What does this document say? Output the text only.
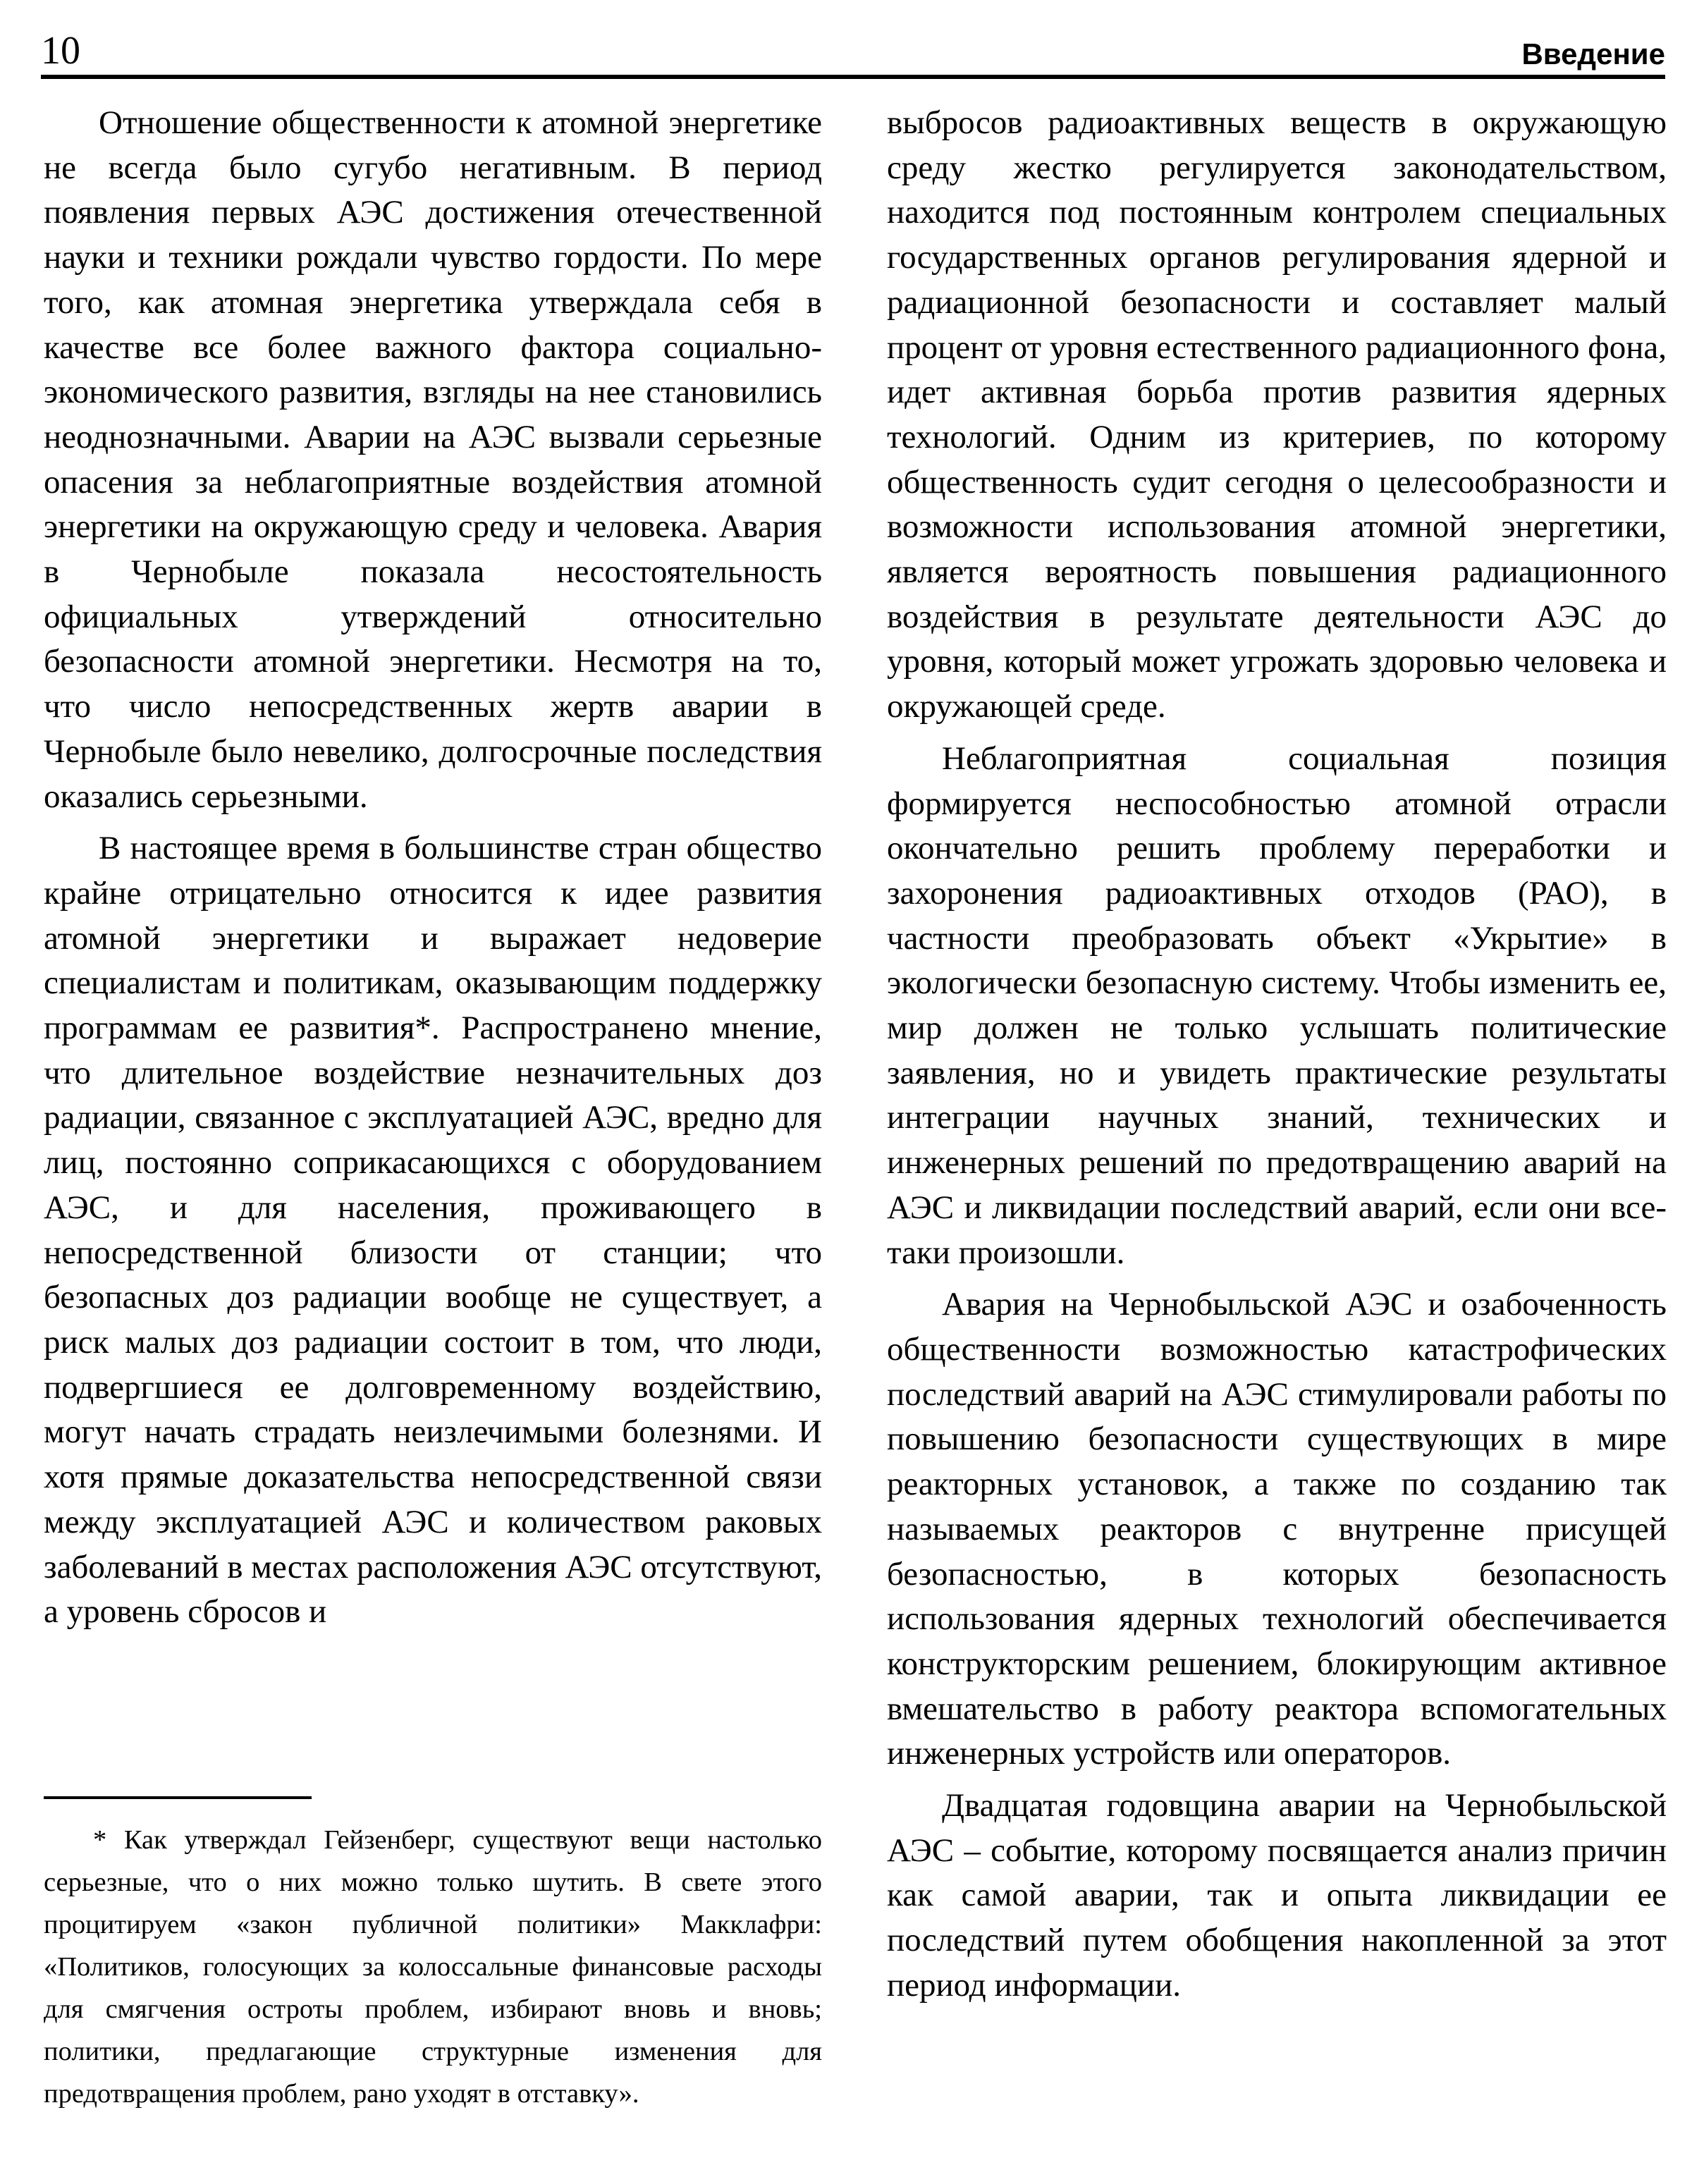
10	Введение

Отношение общественности к атомной энергетике не всегда было сугубо негативным. В период появления первых АЭС достижения отечественной науки и техники рождали чувство гордости. По мере того, как атомная энергетика утверждала себя в качестве все более важного фактора социально-экономического развития, взгляды на нее становились неоднозначными. Аварии на АЭС вызвали серьезные опасения за неблагоприятные воздействия атомной энергетики на окружающую среду и человека. Авария в Чернобыле показала несостоятельность официальных утверждений относительно безопасности атомной энергетики. Несмотря на то, что число непосредственных жертв аварии в Чернобыле было невелико, долгосрочные последствия оказались серьезными.

В настоящее время в большинстве стран общество крайне отрицательно относится к идее развития атомной энергетики и выражает недоверие специалистам и политикам, оказывающим поддержку программам ее развития*. Распространено мнение, что длительное воздействие незначительных доз радиации, связанное с эксплуатацией АЭС, вредно для лиц, постоянно соприкасающихся с оборудованием АЭС, и для населения, проживающего в непосредственной близости от станции; что безопасных доз радиации вообще не существует, а риск малых доз радиации состоит в том, что люди, подвергшиеся ее долговременному воздействию, могут начать страдать неизлечимыми болезнями. И хотя прямые доказательства непосредственной связи между эксплуатацией АЭС и количеством раковых заболеваний в местах расположения АЭС отсутствуют, а уровень сбросов и

* Как утверждал Гейзенберг, существуют вещи настолько серьезные, что о них можно только шутить. В свете этого процитируем «закон публичной политики» Макклафри: «Политиков, голосующих за колоссальные финансовые расходы для смягчения остроты проблем, избирают вновь и вновь; политики, предлагающие структурные изменения для предотвращения проблем, рано уходят в отставку».

выбросов радиоактивных веществ в окружающую среду жестко регулируется законодательством, находится под постоянным контролем специальных государственных органов регулирования ядерной и радиационной безопасности и составляет малый процент от уровня естественного радиационного фона, идет активная борьба против развития ядерных технологий. Одним из критериев, по которому общественность судит сегодня о целесообразности и возможности использования атомной энергетики, является вероятность повышения радиационного воздействия в результате деятельности АЭС до уровня, который может угрожать здоровью человека и окружающей среде.

Неблагоприятная социальная позиция формируется неспособностью атомной отрасли окончательно решить проблему переработки и захоронения радиоактивных отходов (РАО), в частности преобразовать объект «Укрытие» в экологически безопасную систему. Чтобы изменить ее, мир должен не только услышать политические заявления, но и увидеть практические результаты интеграции научных знаний, технических и инженерных решений по предотвращению аварий на АЭС и ликвидации последствий аварий, если они все-таки произошли.

Авария на Чернобыльской АЭС и озабоченность общественности возможностью катастрофических последствий аварий на АЭС стимулировали работы по повышению безопасности существующих в мире реакторных установок, а также по созданию так называемых реакторов с внутренне присущей безопасностью, в которых безопасность использования ядерных технологий обеспечивается конструкторским решением, блокирующим активное вмешательство в работу реактора вспомогательных инженерных устройств или операторов.

Двадцатая годовщина аварии на Чернобыльской АЭС – событие, которому посвящается анализ причин как самой аварии, так и опыта ликвидации ее последствий путем обобщения накопленной за этот период информации.
